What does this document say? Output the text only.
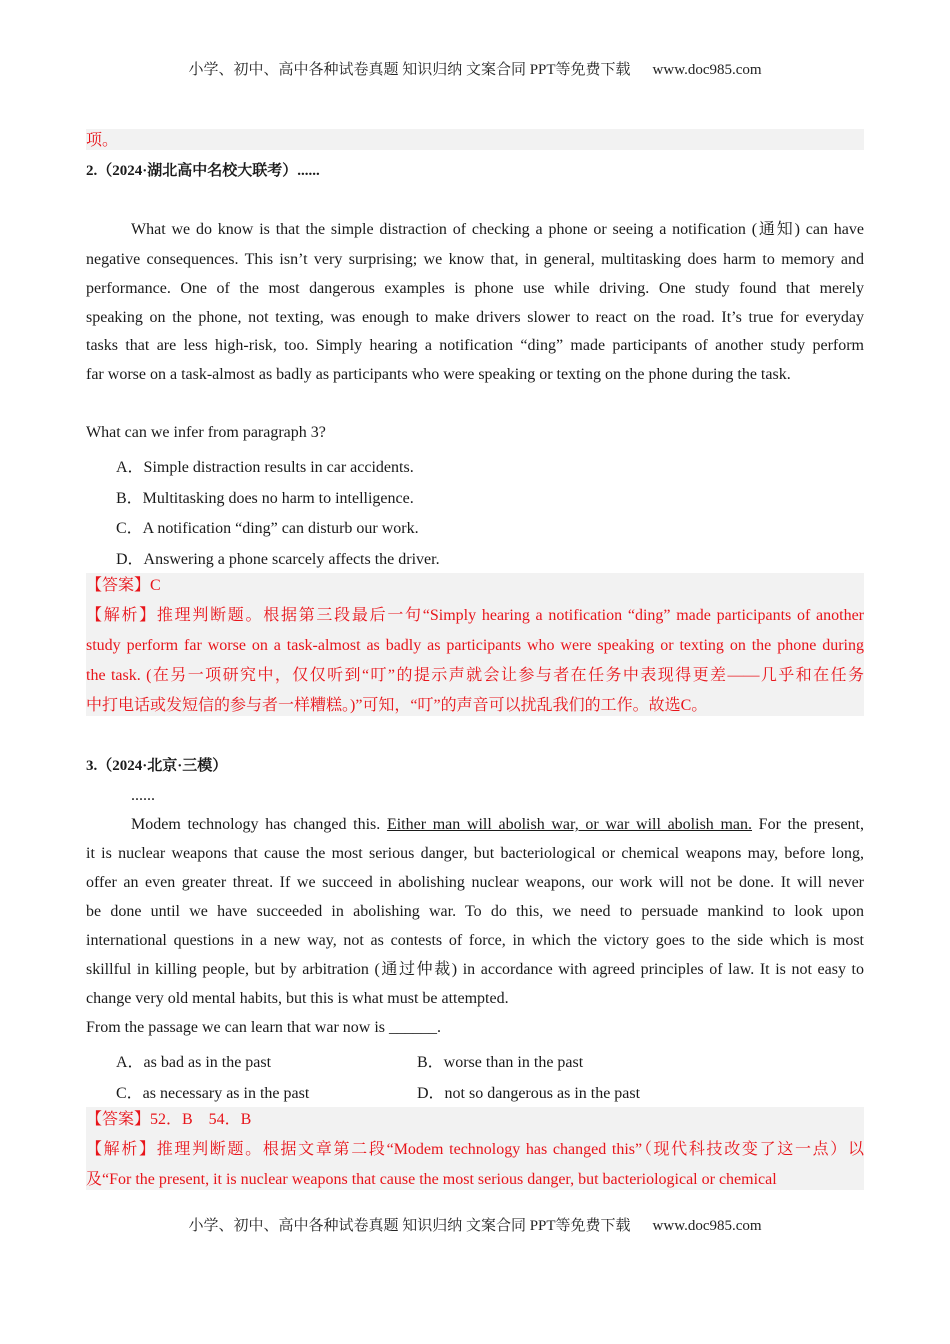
小学、初中、高中各种试卷真题 知识归纳 文案合同 PPT等免费下载 www.doc985.com
项。
2.（2024·湖北高中名校大联考）......
What we do know is that the simple distraction of checking a phone or seeing a notification (通知) can have
negative consequences. This isn’t very surprising; we know that, in general, multitasking does harm to memory and
performance. One of the most dangerous examples is phone use while driving. One study found that merely
speaking on the phone, not texting, was enough to make drivers slower to react on the road. It’s true for everyday
tasks that are less high-risk, too. Simply hearing a notification “ding” made participants of another study perform
far worse on a task-almost as badly as participants who were speaking or texting on the phone during the task.
What can we infer from paragraph 3?
A．Simple distraction results in car accidents.
B．Multitasking does no harm to intelligence.
C．A notification “ding” can disturb our work.
D．Answering a phone scarcely affects the driver.
【答案】C
【解析】推理判断题。根据第三段最后一句“Simply hearing a notification “ding” made participants of another
study perform far worse on a task-almost as badly as participants who were speaking or texting on the phone during
the task. (在另一项研究中，仅仅听到“叮”的提示声就会让参与者在任务中表现得更差——几乎和在任务
中打电话或发短信的参与者一样糟糕。)”可知，“叮”的声音可以扰乱我们的工作。故选C。
3.（2024·北京·三模）
......
Modem technology has changed this. Either man will abolish war, or war will abolish man. For the present,
it is nuclear weapons that cause the most serious danger, but bacteriological or chemical weapons may, before long,
offer an even greater threat. If we succeed in abolishing nuclear weapons, our work will not be done. It will never
be done until we have succeeded in abolishing war. To do this, we need to persuade mankind to look upon
international questions in a new way, not as contests of force, in which the victory goes to the side which is most
skillful in killing people, but by arbitration (通过仲裁) in accordance with agreed principles of law. It is not easy to
change very old mental habits, but this is what must be attempted.
From the passage we can learn that war now is ______.
A．as bad as in the past	B．worse than in the past
C．as necessary as in the past	D．not so dangerous as in the past
【答案】52．B    54．B
【解析】推理判断题。根据文章第二段“Modem technology has changed this”（现代科技改变了这一点）以
及“For the present, it is nuclear weapons that cause the most serious danger, but bacteriological or chemical
小学、初中、高中各种试卷真题 知识归纳 文案合同 PPT等免费下载 www.doc985.com
